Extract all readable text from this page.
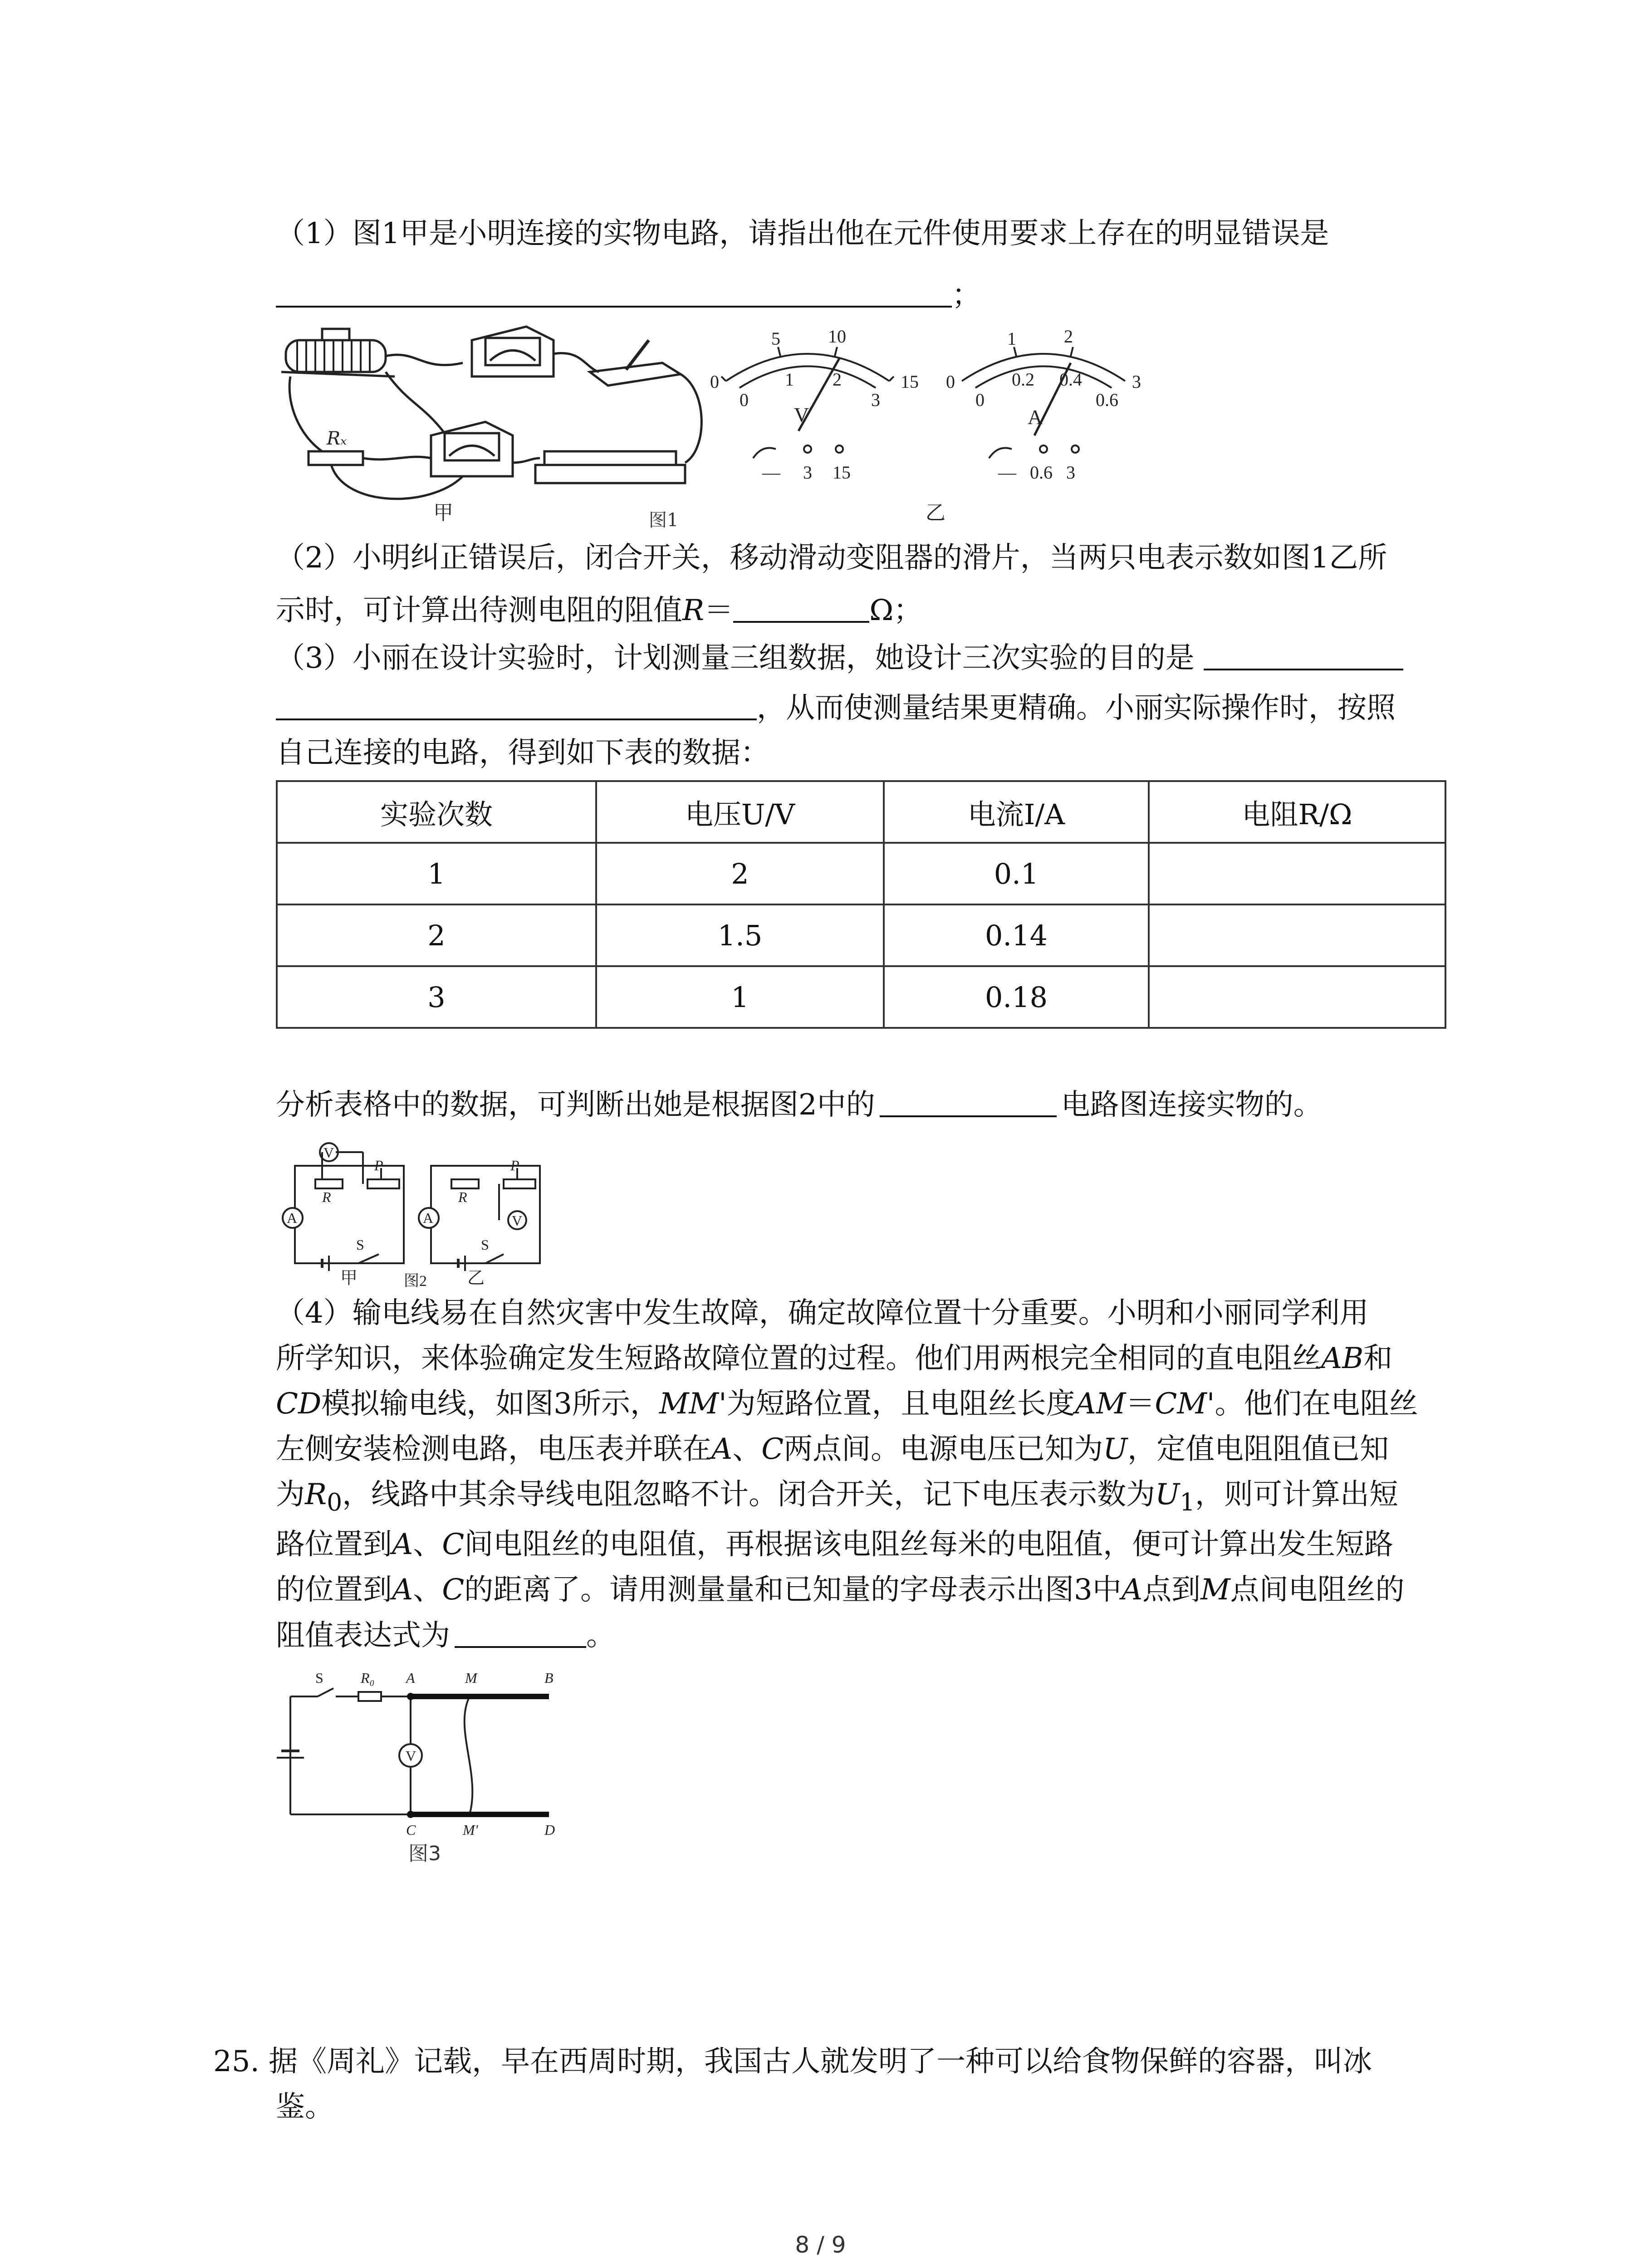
（1）图1甲是小明连接的实物电路，请指出他在元件使用要求上存在的明显错误是
；
Rₓ
甲	图1
0
5	10
15
0
1 2
3
V
— 3 15
0
1	2
3
0
0.2 0.4
0.6
A
— 0.6 3
乙
（2）小明纠正错误后，闭合开关，移动滑动变阻器的滑片，当两只电表示数如图1乙所
示时，可计算出待测电阻的阻值R＝	Ω；
（3）小丽在设计实验时，计划测量三组数据，她设计三次实验的目的是
，从而使测量结果更精确。小丽实际操作时，按照
自己连接的电路，得到如下表的数据：
实验次数	电压U/V	电流I/A	电阻R/Ω
1	2	0.1	
2	1.5	0.14	
3	1	0.18	
分析表格中的数据，可判断出她是根据图2中的	电路图连接实物的。
V
R
P
A
S
R
P
V
A
S
甲	乙
图2
（4）输电线易在自然灾害中发生故障，确定故障位置十分重要。小明和小丽同学利用
所学知识，来体验确定发生短路故障位置的过程。他们用两根完全相同的直电阻丝AB和
CD模拟输电线，如图3所示，MM'为短路位置，且电阻丝长度AM＝CM'。他们在电阻丝
左侧安装检测电路，电压表并联在A、C两点间。电源电压已知为U，定值电阻阻值已知
为$R_0$，线路中其余导线电阻忽略不计。闭合开关，记下电压表示数为$U_1$，则可计算出短
路位置到A、C间电阻丝的电阻值，再根据该电阻丝每米的电阻值，便可计算出发生短路
的位置到A、C的距离了。请用测量量和已知量的字母表示出图3中A点到M点间电阻丝的
阻值表达式为	。
S	R₀ A	M	B
C	M'	D
V
图3
25. 据《周礼》记载，早在西周时期，我国古人就发明了一种可以给食物保鲜的容器，叫冰
鉴。
8 / 9
